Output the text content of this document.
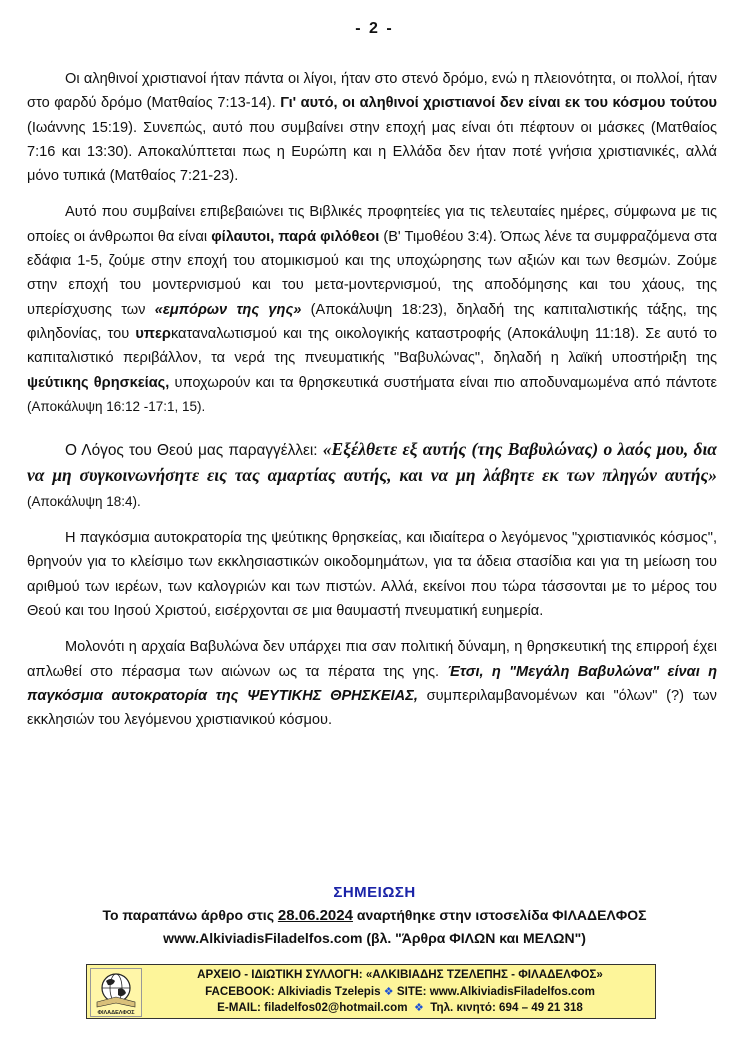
- 2 -

Οι αληθινοί χριστιανοί ήταν πάντα οι λίγοι, ήταν στο στενό δρόμο, ενώ η πλειονότητα, οι πολλοί, ήταν στο φαρδύ δρόμο (Ματθαίος 7:13-14). Γι' αυτό, οι αληθινοί χριστιανοί δεν είναι εκ του κόσμου τούτου (Ιωάννης 15:19). Συνεπώς, αυτό που συμβαίνει στην εποχή μας είναι ότι πέφτουν οι μάσκες (Ματθαίος 7:16 και 13:30). Αποκαλύπτεται πως η Ευρώπη και η Ελλάδα δεν ήταν ποτέ γνήσια χριστιανικές, αλλά μόνο τυπικά (Ματθαίος 7:21-23).

Αυτό που συμβαίνει επιβεβαιώνει τις Βιβλικές προφητείες για τις τελευταίες ημέρες, σύμφωνα με τις οποίες οι άνθρωποι θα είναι φίλαυτοι, παρά φιλόθεοι (Β' Τιμοθέου 3:4). Όπως λένε τα συμφραζόμενα στα εδάφια 1-5, ζούμε στην εποχή του ατομικισμού και της υποχώρησης των αξιών και των θεσμών. Ζούμε στην εποχή του μοντερνισμού και του μετα-μοντερνισμού, της αποδόμησης και του χάους, της υπερίσχυσης των «εμπόρων της γης» (Αποκάλυψη 18:23), δηλαδή της καπιταλιστικής τάξης, της φιληδονίας, του υπερκαταναλωτισμού και της οικολογικής καταστροφής (Αποκάλυψη 11:18). Σε αυτό το καπιταλιστικό περιβάλλον, τα νερά της πνευματικής "Βαβυλώνας", δηλαδή η λαϊκή υποστήριξη της ψεύτικης θρησκείας, υποχωρούν και τα θρησκευτικά συστήματα είναι πιο αποδυναμωμένα από πάντοτε (Αποκάλυψη 16:12 -17:1, 15).

Ο Λόγος του Θεού μας παραγγέλλει: «Εξέλθετε εξ αυτής (της Βαβυλώνας) ο λαός μου, δια να μη συγκοινωνήσητε εις τας αμαρτίας αυτής, και να μη λάβητε εκ των πληγών αυτής» (Αποκάλυψη 18:4).

Η παγκόσμια αυτοκρατορία της ψεύτικης θρησκείας, και ιδιαίτερα ο λεγόμενος "χριστιανικός κόσμος", θρηνούν για το κλείσιμο των εκκλησιαστικών οικοδομημάτων, για τα άδεια στασίδια και για τη μείωση του αριθμού των ιερέων, των καλογριών και των πιστών. Αλλά, εκείνοι που τώρα τάσσονται με το μέρος του Θεού και του Ιησού Χριστού, εισέρχονται σε μια θαυμαστή πνευματική ευημερία.

Μολονότι η αρχαία Βαβυλώνα δεν υπάρχει πια σαν πολιτική δύναμη, η θρησκευτική της επιρροή έχει απλωθεί στο πέρασμα των αιώνων ως τα πέρατα της γης. Έτσι, η "Μεγάλη Βαβυλώνα" είναι η παγκόσμια αυτοκρατορία της ΨΕΥΤΙΚΗΣ ΘΡΗΣΚΕΙΑΣ, συμπεριλαμβανομένων και "όλων" (?) των εκκλησιών του λεγόμενου χριστιανικού κόσμου.

ΣΗΜΕΙΩΣΗ
Το παραπάνω άρθρο στις 28.06.2024 αναρτήθηκε στην ιστοσελίδα ΦΙΛΑΔΕΛΦΟΣ
www.AlkiviadisFiladelfos.com (βλ. "Άρθρα ΦΙΛΩΝ και ΜΕΛΩΝ")
ΦΙΛΑΔΕΛΦΟΣ
ΑΡΧΕΙΟ - ΙΔΙΩΤΙΚΗ ΣΥΛΛΟΓΗ: «ΑΛΚΙΒΙΑΔΗΣ ΤΖΕΛΕΠΗΣ - ΦΙΛΑΔΕΛΦΟΣ»
FACEBOOK: Alkiviadis Tzelepis ❖ SITE: www.AlkiviadisFiladelfos.com
E-MAIL: filadelfos02@hotmail.com ❖ Τηλ. κινητό: 694 – 49 21 318
